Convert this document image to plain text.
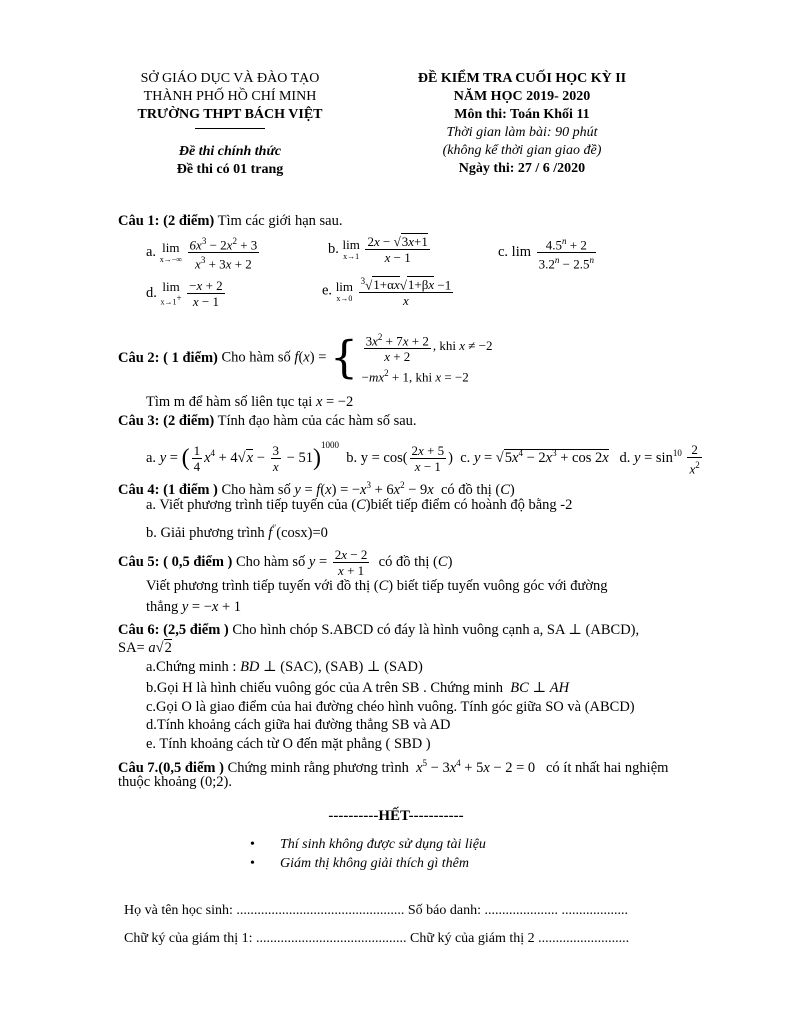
SỞ GIÁO DỤC VÀ ĐÀO TẠO
THÀNH PHỐ HỒ CHÍ MINH
TRƯỜNG THPT BÁCH VIỆT
Đề thi chính thức
Đề thi có 01 trang
ĐỀ KIỂM TRA CUỐI HỌC KỲ II
NĂM HỌC 2019- 2020
Môn thi: Toán Khối 11
Thời gian làm bài: 90 phút
(không kể thời gian giao đề)
Ngày thi: 27 / 6 /2020
Câu 1: (2 điểm) Tìm các giới hạn sau.
a. lim
x→−∞
$\frac{6x^3 - 2x^2 + 3}{x^3 + 3x + 2}$	b. lim
x→1
$\frac{2x - √3x+1}{x - 1}$	c. $\lim \frac{4.5^n + 2}{3.2^n - 2.5^n}$
d. lim
x→1+
$\frac{-x + 2}{x - 1}$	e. lim
x→0
$\frac{^3√1+\alpha x√1+\beta x -1}{x}$
Câu 2: ( 1 điểm) Cho hàm số f(x) = { $\frac{3x^2 + 7x + 2}{x + 2}$ , khi x ≠ −2
$-mx^2 + 1$, khi x = −2
Tìm m để hàm số liên tục tại x = −2
Câu 3: (2 điểm) Tính đạo hàm của các hàm số sau.
a. y = ( $\frac{1}{4} x^4 + 4√x - \frac{3}{x} - 51)^{1000}$  b. $y = \cos( \frac{2x + 5}{x - 1}$ )  c. $y = √5x^4 - 2x^3 + \cos 2x$   d. $y = \sin^{10} \frac{2}{x^2}$
Câu 4: (1 điểm ) Cho hàm số $y = f(x) = -x^3 + 6x^2 - 9x$ có đồ thị (C)
a. Viết phương trình tiếp tuyến của (C)biết tiếp điểm có hoành độ bằng -2
b. Giải phương trình f′′(cosx)=0
Câu 5: ( 0,5 điểm ) Cho hàm số $y = \frac{2x - 2}{x + 1}$ có đồ thị (C)
Viết phương trình tiếp tuyến với đồ thị (C) biết tiếp tuyến vuông góc với đường
thẳng y = −x + 1
Câu 6: (2,5 điểm ) Cho hình chóp S.ABCD có đáy là hình vuông cạnh a, SA ⊥ (ABCD),
SA= a√2
a.Chứng minh : BD ⊥ (SAC), (SAB) ⊥ (SAD)
b.Gọi H là hình chiếu vuông góc của A trên SB . Chứng minh BC ⊥ AH
c.Gọi O là giao điểm của hai đường chéo hình vuông. Tính góc giữa SO và (ABCD)
d.Tính khoảng cách giữa hai đường thẳng SB và AD
e. Tính khoảng cách từ O đến mặt phẳng ( SBD )
Câu 7.(0,5 điểm ) Chứng minh rằng phương trình $x^5 - 3x^4 + 5x - 2 = 0$   có ít nhất hai nghiệm
thuộc khoảng (0;2).
----------HẾT-----------
• Thí sinh không được sử dụng tài liệu
• Giám thị không giải thích gì thêm
Họ và tên học sinh: ................................................ Số báo danh: ..................... ...................
Chữ ký của giám thị 1: ........................................... Chữ ký của giám thị 2 ..........................
